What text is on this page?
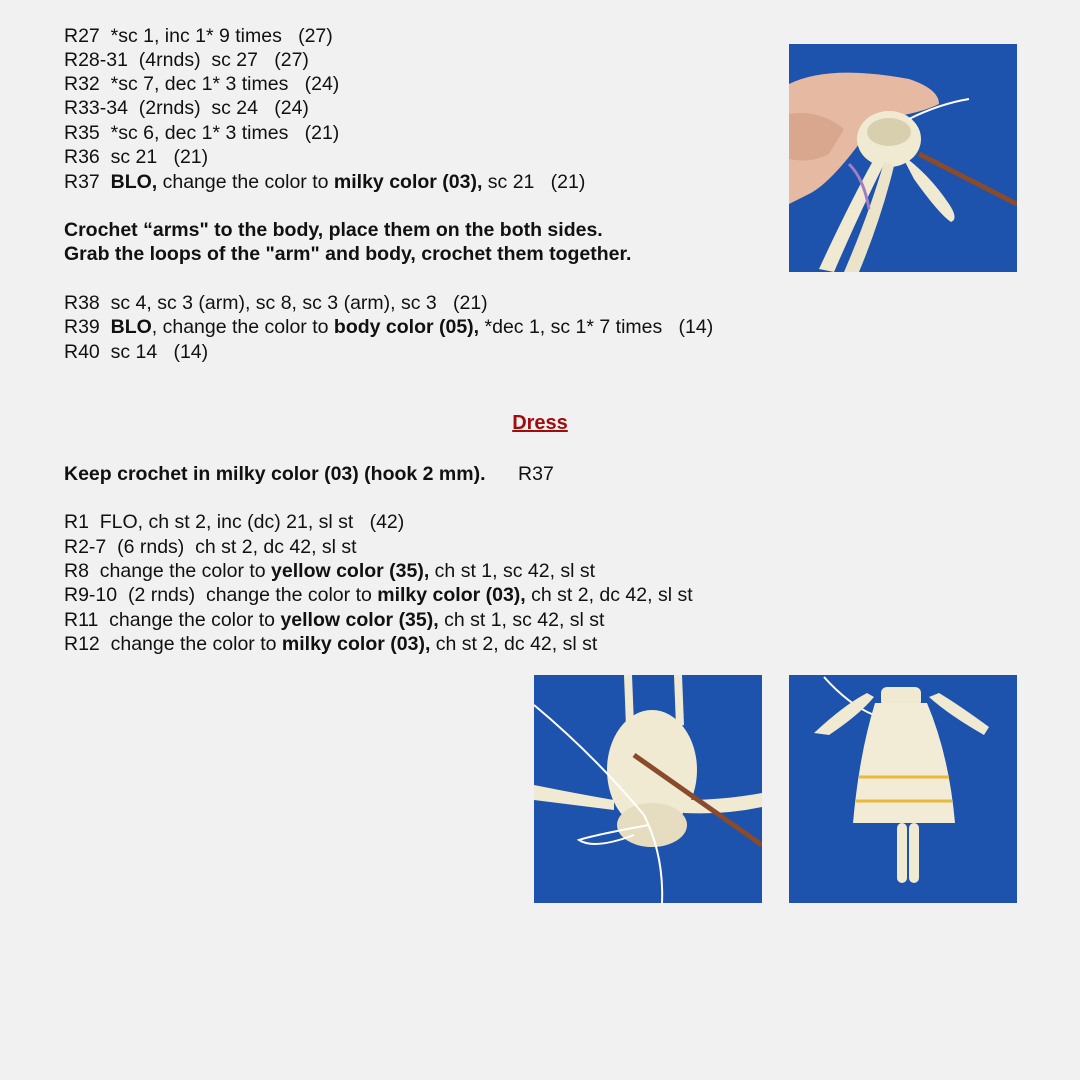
R27  *sc 1, inc 1* 9 times   (27)
R28-31  (4rnds)  sc 27   (27)
R32  *sc 7, dec 1* 3 times   (24)
R33-34  (2rnds)  sc 24   (24)
R35  *sc 6, dec 1* 3 times   (21)
R36  sc 21   (21)
R37  BLO, change the color to milky color (03), sc 21   (21)
Crochet “arms" to the body, place them on the both sides.
Grab the loops of the "arm" and body, crochet them together.
R38  sc 4, sc 3 (arm), sc 8, sc 3 (arm), sc 3   (21)
R39  BLO, change the color to body color (05), *dec 1, sc 1* 7 times   (14)
R40  sc 14   (14)
Dress
Keep crochet in milky color (03) (hook 2 mm). R37
R1  FLO, ch st 2, inc (dc) 21, sl st   (42)
R2-7  (6 rnds)  ch st 2, dc 42, sl st
R8  change the color to yellow color (35), ch st 1, sc 42, sl st
R9-10  (2 rnds)  change the color to milky color (03), ch st 2, dc 42, sl st
R11  change the color to yellow color (35), ch st 1, sc 42, sl st
R12  change the color to milky color (03), ch st 2, dc 42, sl st
